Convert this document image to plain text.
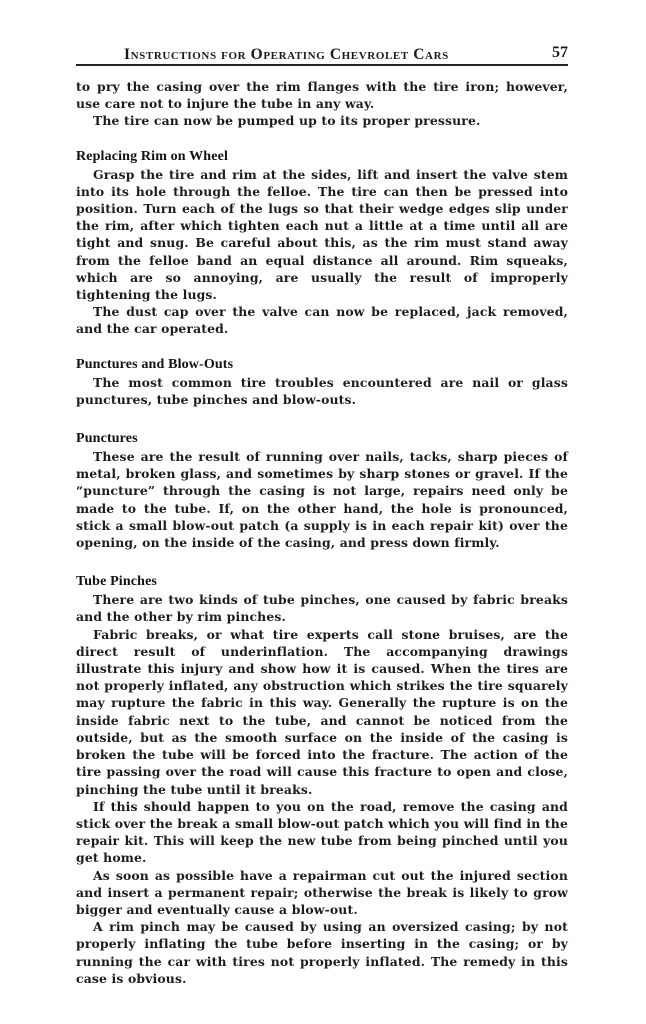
Instructions for Operating Chevrolet Cars	57

to pry the casing over the rim flanges with the tire iron; however, use care not to injure the tube in any way.

The tire can now be pumped up to its proper pressure.

Replacing Rim on Wheel

Grasp the tire and rim at the sides, lift and insert the valve stem into its hole through the felloe. The tire can then be pressed into position. Turn each of the lugs so that their wedge edges slip under the rim, after which tighten each nut a little at a time until all are tight and snug. Be careful about this, as the rim must stand away from the felloe band an equal distance all around. Rim squeaks, which are so annoying, are usually the result of improperly tightening the lugs.

The dust cap over the valve can now be replaced, jack removed, and the car operated.

Punctures and Blow-Outs

The most common tire troubles encountered are nail or glass punctures, tube pinches and blow-outs.

Punctures

These are the result of running over nails, tacks, sharp pieces of metal, broken glass, and sometimes by sharp stones or gravel. If the “puncture” through the casing is not large, repairs need only be made to the tube. If, on the other hand, the hole is pronounced, stick a small blow-out patch (a supply is in each repair kit) over the opening, on the inside of the casing, and press down firmly.

Tube Pinches

There are two kinds of tube pinches, one caused by fabric breaks and the other by rim pinches.

Fabric breaks, or what tire experts call stone bruises, are the direct result of underinflation. The accompanying drawings illustrate this injury and show how it is caused. When the tires are not properly inflated, any obstruction which strikes the tire squarely may rupture the fabric in this way. Generally the rupture is on the inside fabric next to the tube, and cannot be noticed from the outside, but as the smooth surface on the inside of the casing is broken the tube will be forced into the fracture. The action of the tire passing over the road will cause this fracture to open and close, pinching the tube until it breaks.

If this should happen to you on the road, remove the casing and stick over the break a small blow-out patch which you will find in the repair kit. This will keep the new tube from being pinched until you get home.

As soon as possible have a repairman cut out the injured section and insert a permanent repair; otherwise the break is likely to grow bigger and eventually cause a blow-out.

A rim pinch may be caused by using an oversized casing; by not properly inflating the tube before inserting in the casing; or by running the car with tires not properly inflated. The remedy in this case is obvious.
